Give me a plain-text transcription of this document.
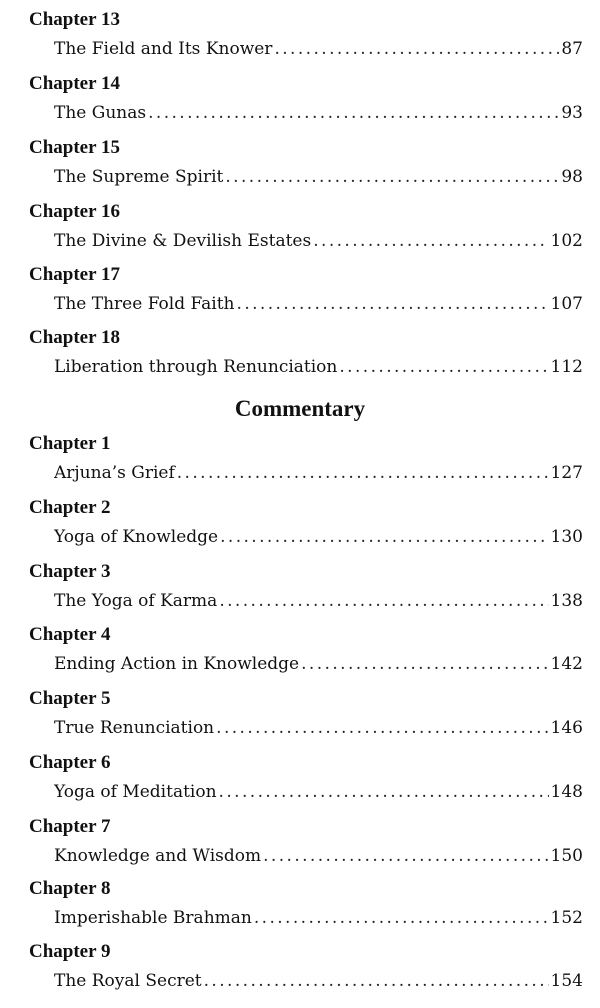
Chapter 13
The Field and Its Knower .....	87
Chapter 14
The Gunas .....	93
Chapter 15
The Supreme Spirit .....	98
Chapter 16
The Divine & Devilish Estates .....	102
Chapter 17
The Three Fold Faith .....	107
Chapter 18
Liberation through Renunciation .....	112
Commentary
Chapter 1
Arjuna’s Grief .....	127
Chapter 2
Yoga of Knowledge .....	130
Chapter 3
The Yoga of Karma .....	138
Chapter 4
Ending Action in Knowledge .....	142
Chapter 5
True Renunciation .....	146
Chapter 6
Yoga of Meditation .....	148
Chapter 7
Knowledge and Wisdom .....	150
Chapter 8
Imperishable Brahman .....	152
Chapter 9
The Royal Secret .....	154
